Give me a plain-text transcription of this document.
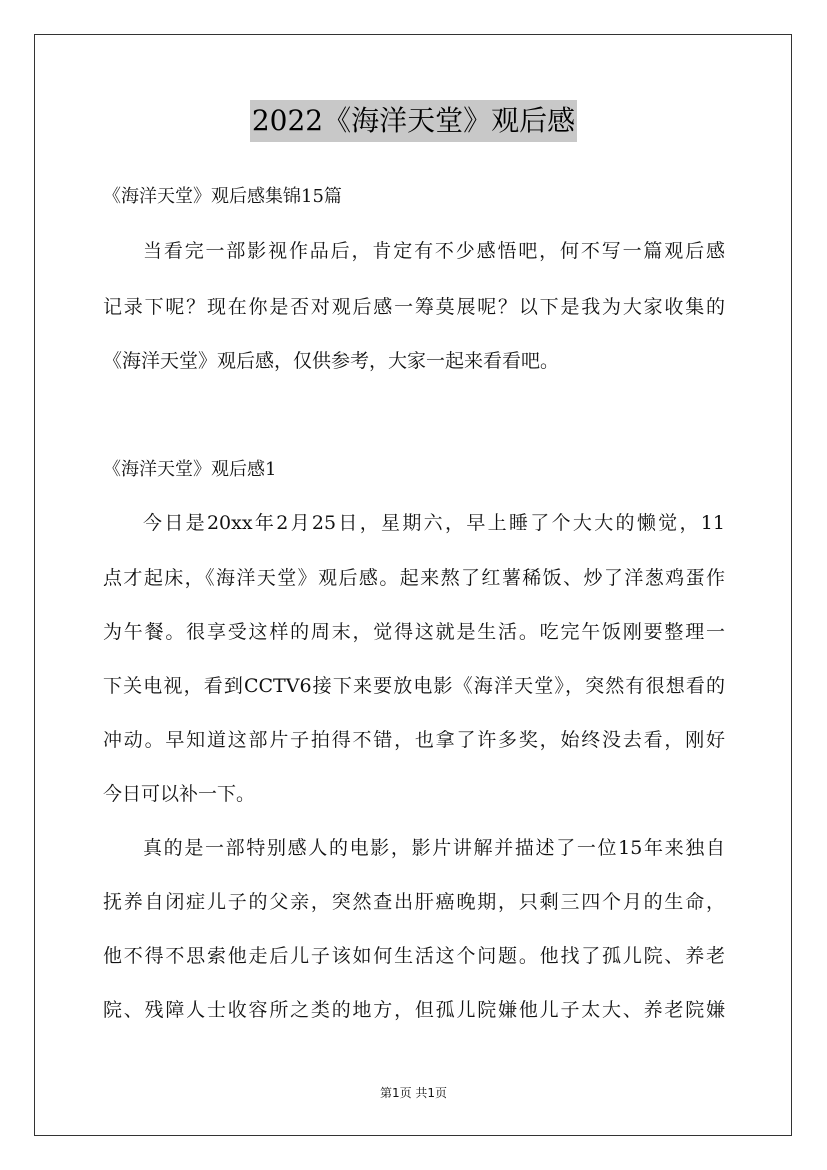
2022《海洋天堂》观后感
《海洋天堂》观后感集锦15篇
当看完一部影视作品后，肯定有不少感悟吧，何不写一篇观后感
记录下呢？现在你是否对观后感一筹莫展呢？以下是我为大家收集的
《海洋天堂》观后感，仅供参考，大家一起来看看吧。
《海洋天堂》观后感1
今日是20xx年2月25日，星期六，早上睡了个大大的懒觉，11
点才起床，《海洋天堂》观后感。起来熬了红薯稀饭、炒了洋葱鸡蛋作
为午餐。很享受这样的周末，觉得这就是生活。吃完午饭刚要整理一
下关电视，看到CCTV6接下来要放电影《海洋天堂》，突然有很想看的
冲动。早知道这部片子拍得不错，也拿了许多奖，始终没去看，刚好
今日可以补一下。
真的是一部特别感人的电影，影片讲解并描述了一位15年来独自
抚养自闭症儿子的父亲，突然查出肝癌晚期，只剩三四个月的生命，
他不得不思索他走后儿子该如何生活这个问题。他找了孤儿院、养老
院、残障人士收容所之类的地方，但孤儿院嫌他儿子太大、养老院嫌
第1页 共1页
